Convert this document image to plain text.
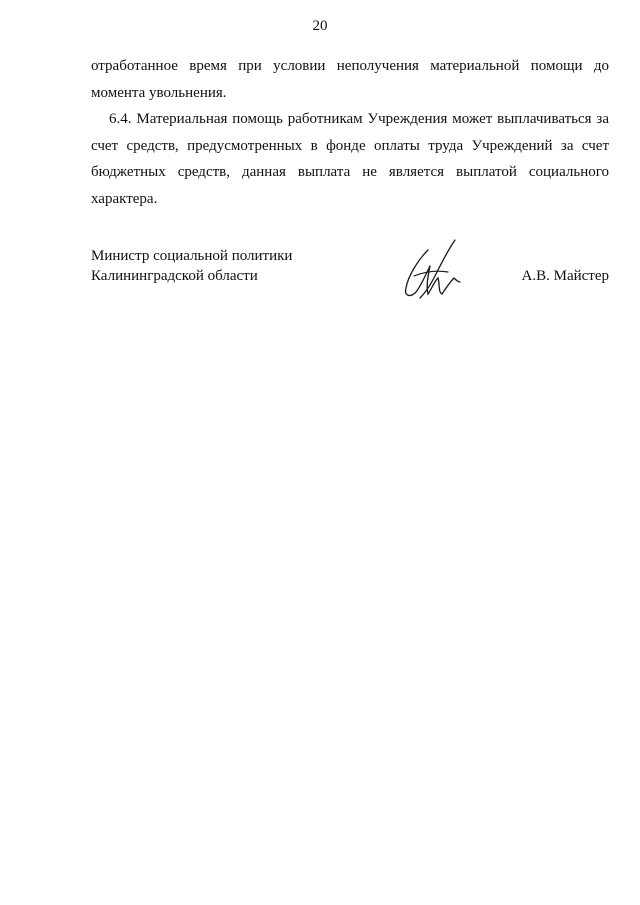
20

отработанное время при условии неполучения материальной помощи до момента увольнения.

6.4. Материальная помощь работникам Учреждения может выплачиваться за счет средств, предусмотренных в фонде оплаты труда Учреждений за счет бюджетных средств, данная выплата не является выплатой социального характера.

Министр социальной политики
Калининградской области	А.В. Майстер
